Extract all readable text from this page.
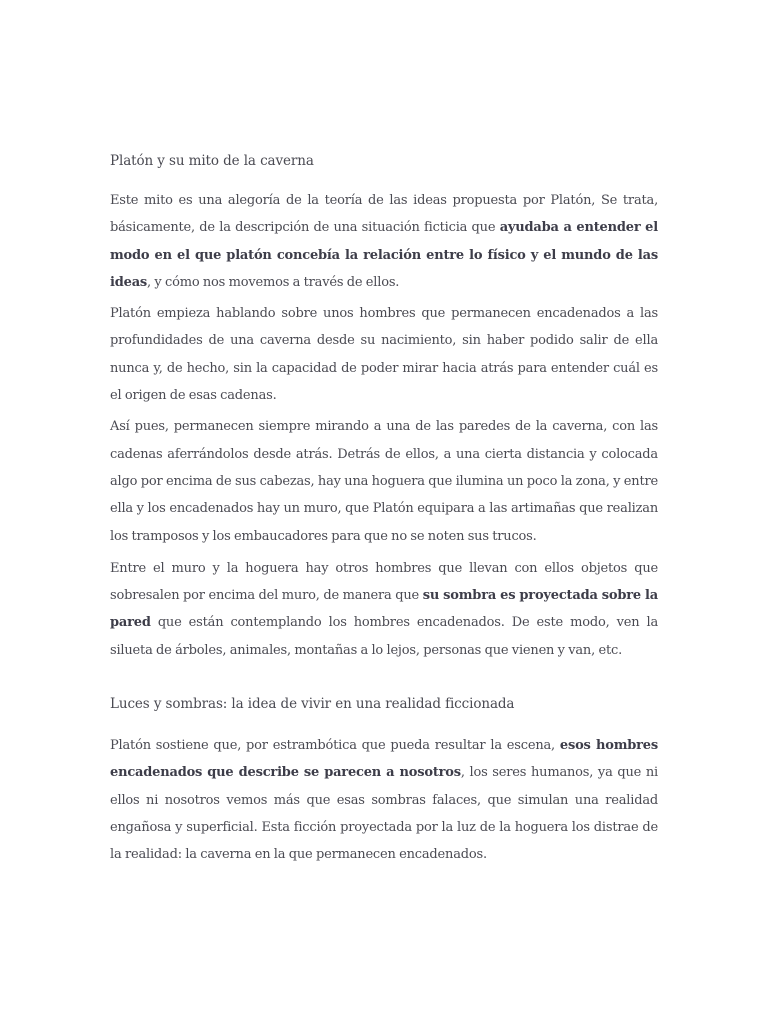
Platón y su mito de la caverna

Este mito es una alegoría de la teoría de las ideas propuesta por Platón, Se trata, básicamente, de la descripción de una situación ficticia que ayudaba a entender el modo en el que platón concebía la relación entre lo físico y el mundo de las ideas, y cómo nos movemos a través de ellos.

Platón empieza hablando sobre unos hombres que permanecen encadenados a las profundidades de una caverna desde su nacimiento, sin haber podido salir de ella nunca y, de hecho, sin la capacidad de poder mirar hacia atrás para entender cuál es el origen de esas cadenas.

Así pues, permanecen siempre mirando a una de las paredes de la caverna, con las cadenas aferrándolos desde atrás. Detrás de ellos, a una cierta distancia y colocada algo por encima de sus cabezas, hay una hoguera que ilumina un poco la zona, y entre ella y los encadenados hay un muro, que Platón equipara a las artimañas que realizan los tramposos y los embaucadores para que no se noten sus trucos.

Entre el muro y la hoguera hay otros hombres que llevan con ellos objetos que sobresalen por encima del muro, de manera que su sombra es proyectada sobre la pared que están contemplando los hombres encadenados. De este modo, ven la silueta de árboles, animales, montañas a lo lejos, personas que vienen y van, etc.

Luces y sombras: la idea de vivir en una realidad ficcionada

Platón sostiene que, por estrambótica que pueda resultar la escena, esos hombres encadenados que describe se parecen a nosotros, los seres humanos, ya que ni ellos ni nosotros vemos más que esas sombras falaces, que simulan una realidad engañosa y superficial. Esta ficción proyectada por la luz de la hoguera los distrae de la realidad: la caverna en la que permanecen encadenados.
